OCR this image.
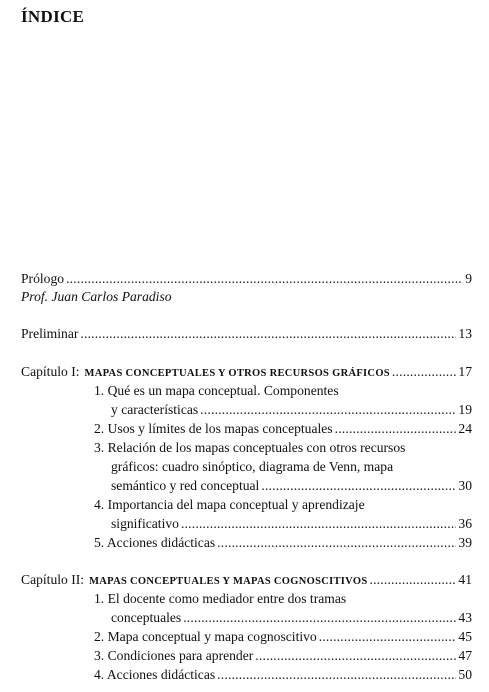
ÍNDICE
Prólogo .....	9
Prof. Juan Carlos Paradiso
Preliminar .....	13
Capítulo I: MAPAS CONCEPTUALES Y OTROS RECURSOS GRÁFICOS .....	17
1. Qué es un mapa conceptual. Componentes
y características .....	19
2. Usos y límites de los mapas conceptuales .....	24
3. Relación de los mapas conceptuales con otros recursos
gráficos: cuadro sinóptico, diagrama de Venn, mapa
semántico y red conceptual .....	30
4. Importancia del mapa conceptual y aprendizaje
significativo .....	36
5. Acciones didácticas .....	39
Capítulo II: MAPAS CONCEPTUALES Y MAPAS COGNOSCITIVOS .....	41
1. El docente como mediador entre dos tramas
conceptuales .....	43
2. Mapa conceptual y mapa cognoscitivo .....	45
3. Condiciones para aprender .....	47
4. Acciones didácticas .....	50
